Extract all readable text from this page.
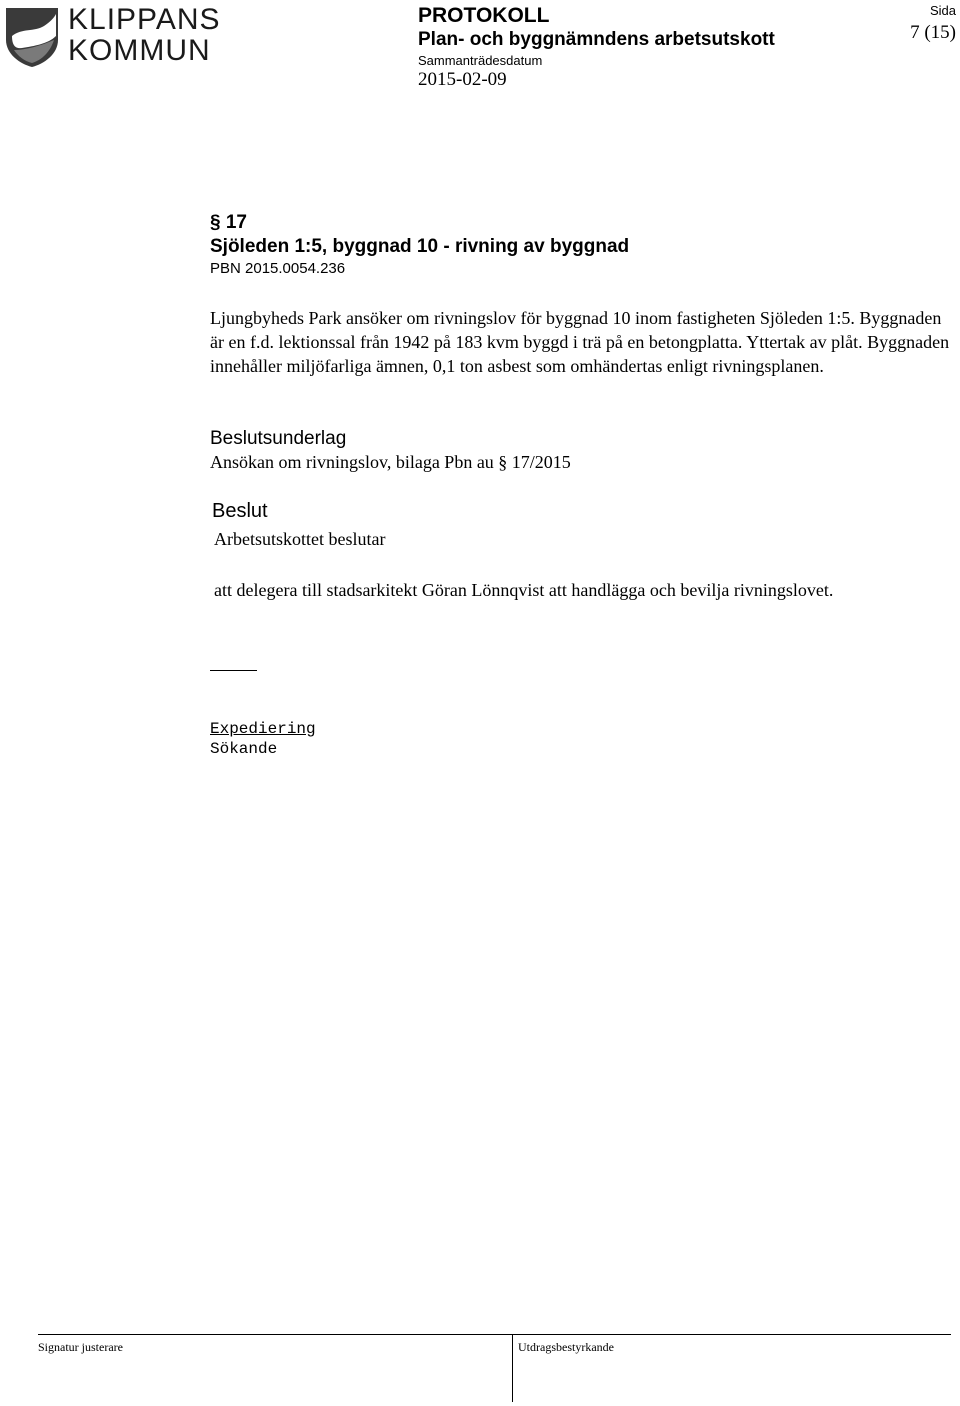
KLIPPANS
KOMMUN
PROTOKOLL
Plan- och byggnämndens arbetsutskott
Sammanträdesdatum
2015-02-09
Sida
7 (15)
§ 17
Sjöleden 1:5, byggnad 10 - rivning av byggnad
PBN 2015.0054.236
Ljungbyheds Park ansöker om rivningslov för byggnad 10 inom fastigheten Sjöleden 1:5. Byggnaden är en f.d. lektionssal från 1942 på 183 kvm byggd i trä på en betongplatta. Yttertak av plåt. Byggnaden innehåller miljöfarliga ämnen, 0,1 ton asbest som omhändertas enligt rivningsplanen.
Beslutsunderlag
Ansökan om rivningslov, bilaga Pbn au § 17/2015
Beslut
Arbetsutskottet beslutar
att delegera till stadsarkitekt Göran Lönnqvist att handlägga och bevilja rivningslovet.
Expediering
Sökande
Signatur justerare	Utdragsbestyrkande
